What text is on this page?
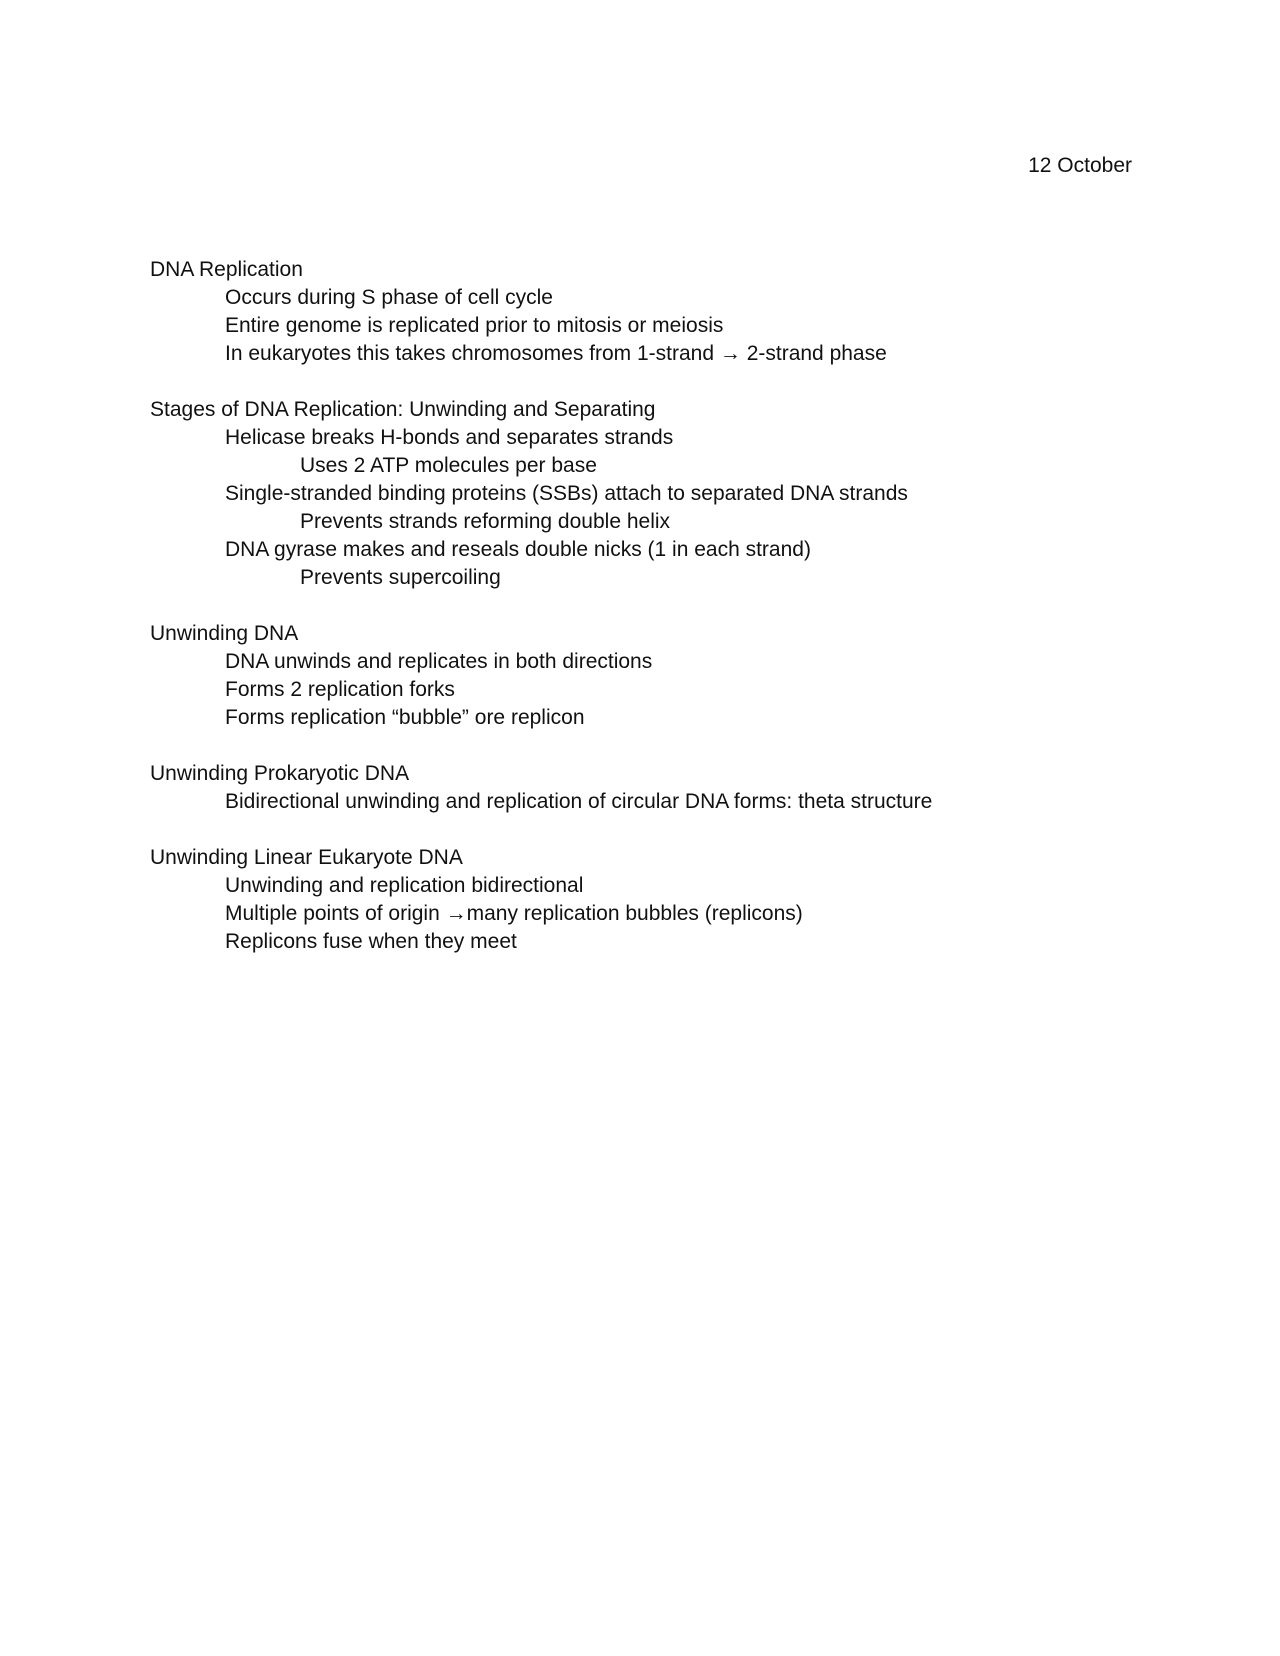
12 October
DNA Replication
Occurs during S phase of cell cycle
Entire genome is replicated prior to mitosis or meiosis
In eukaryotes this takes chromosomes from 1-strand → 2-strand phase
Stages of DNA Replication: Unwinding and Separating
Helicase breaks H-bonds and separates strands
Uses 2 ATP molecules per base
Single-stranded binding proteins (SSBs) attach to separated DNA strands
Prevents strands reforming double helix
DNA gyrase makes and reseals double nicks (1 in each strand)
Prevents supercoiling
Unwinding DNA
DNA unwinds and replicates in both directions
Forms 2 replication forks
Forms replication “bubble” ore replicon
Unwinding Prokaryotic DNA
Bidirectional unwinding and replication of circular DNA forms: theta structure
Unwinding Linear Eukaryote DNA
Unwinding and replication bidirectional
Multiple points of origin →many replication bubbles (replicons)
Replicons fuse when they meet
